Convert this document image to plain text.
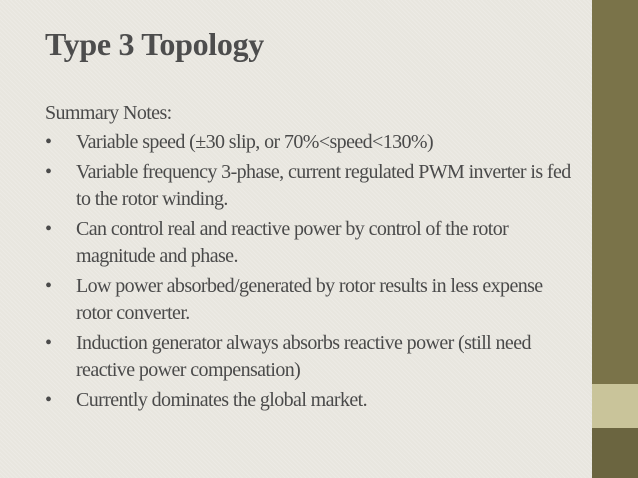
Type 3 Topology
Summary Notes:
•	Variable speed (±30 slip, or 70%<speed<130%)
•	Variable frequency 3-phase, current regulated PWM inverter is fed to the rotor winding.
•	Can control real and reactive power by control of the rotor magnitude and phase.
•	Low power absorbed/generated by rotor results in less expense rotor converter.
•	Induction generator always absorbs reactive power (still need reactive power compensation)
•	Currently dominates the global market.
